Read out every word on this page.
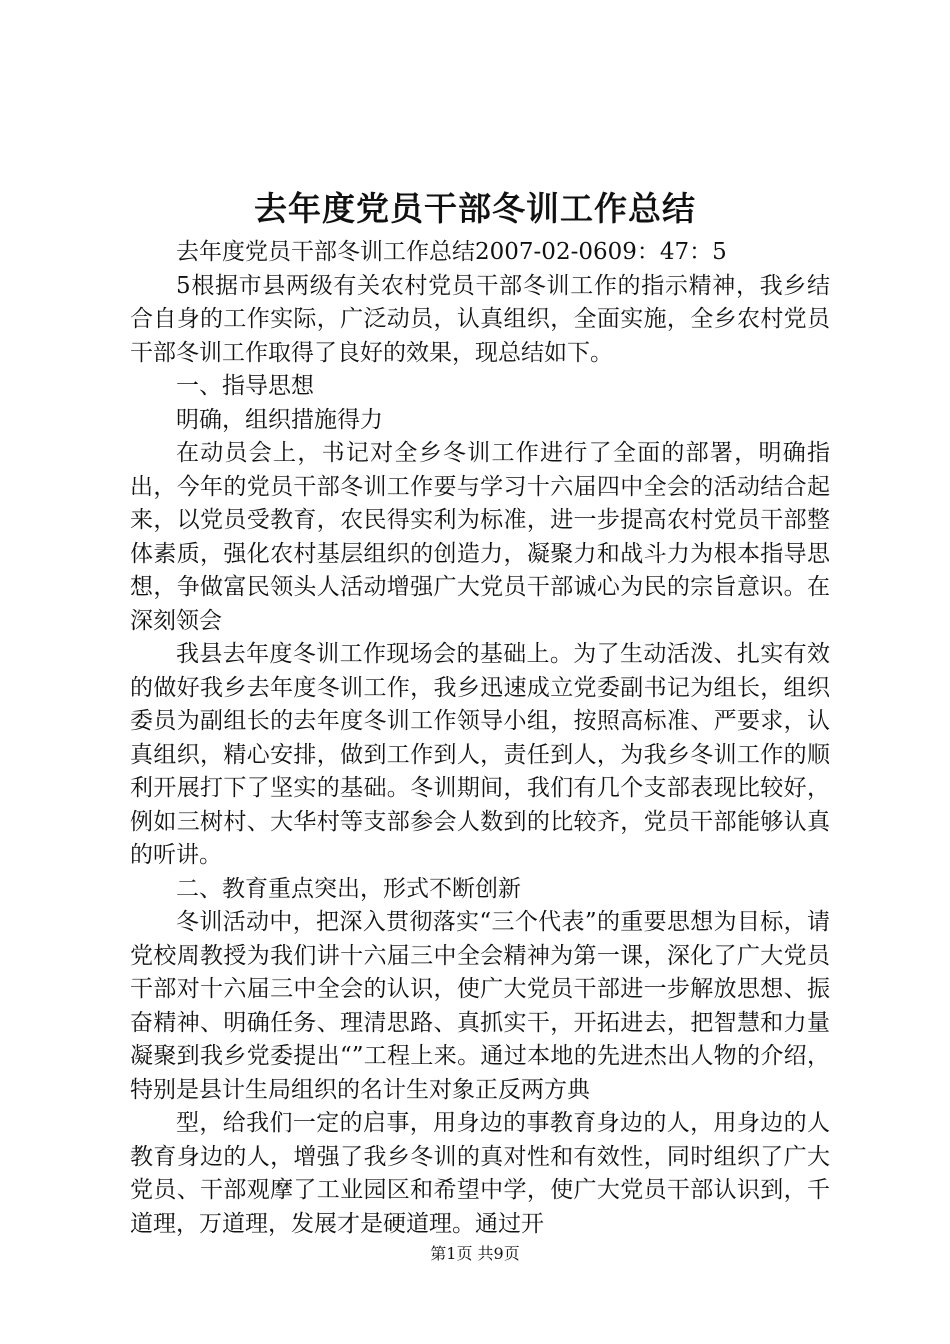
去年度党员干部冬训工作总结

去年度党员干部冬训工作总结2007-02-0609：47：5

5根据市县两级有关农村党员干部冬训工作的指示精神，我乡结合自身的工作实际，广泛动员，认真组织，全面实施，全乡农村党员干部冬训工作取得了良好的效果，现总结如下。

一、指导思想

明确，组织措施得力

在动员会上，书记对全乡冬训工作进行了全面的部署，明确指出，今年的党员干部冬训工作要与学习十六届四中全会的活动结合起来，以党员受教育，农民得实利为标准，进一步提高农村党员干部整体素质，强化农村基层组织的创造力，凝聚力和战斗力为根本指导思想，争做富民领头人活动增强广大党员干部诚心为民的宗旨意识。在深刻领会

我县去年度冬训工作现场会的基础上。为了生动活泼、扎实有效的做好我乡去年度冬训工作，我乡迅速成立党委副书记为组长，组织委员为副组长的去年度冬训工作领导小组，按照高标准、严要求，认真组织，精心安排，做到工作到人，责任到人，为我乡冬训工作的顺利开展打下了坚实的基础。冬训期间，我们有几个支部表现比较好，例如三树村、大华村等支部参会人数到的比较齐，党员干部能够认真的听讲。

二、教育重点突出，形式不断创新

冬训活动中，把深入贯彻落实“三个代表”的重要思想为目标，请党校周教授为我们讲十六届三中全会精神为第一课，深化了广大党员干部对十六届三中全会的认识，使广大党员干部进一步解放思想、振奋精神、明确任务、理清思路、真抓实干，开拓进去，把智慧和力量凝聚到我乡党委提出“”工程上来。通过本地的先进杰出人物的介绍，特别是县计生局组织的名计生对象正反两方典

型，给我们一定的启事，用身边的事教育身边的人，用身边的人教育身边的人，增强了我乡冬训的真对性和有效性，同时组织了广大党员、干部观摩了工业园区和希望中学，使广大党员干部认识到，千道理，万道理，发展才是硬道理。通过开

第1页 共9页
